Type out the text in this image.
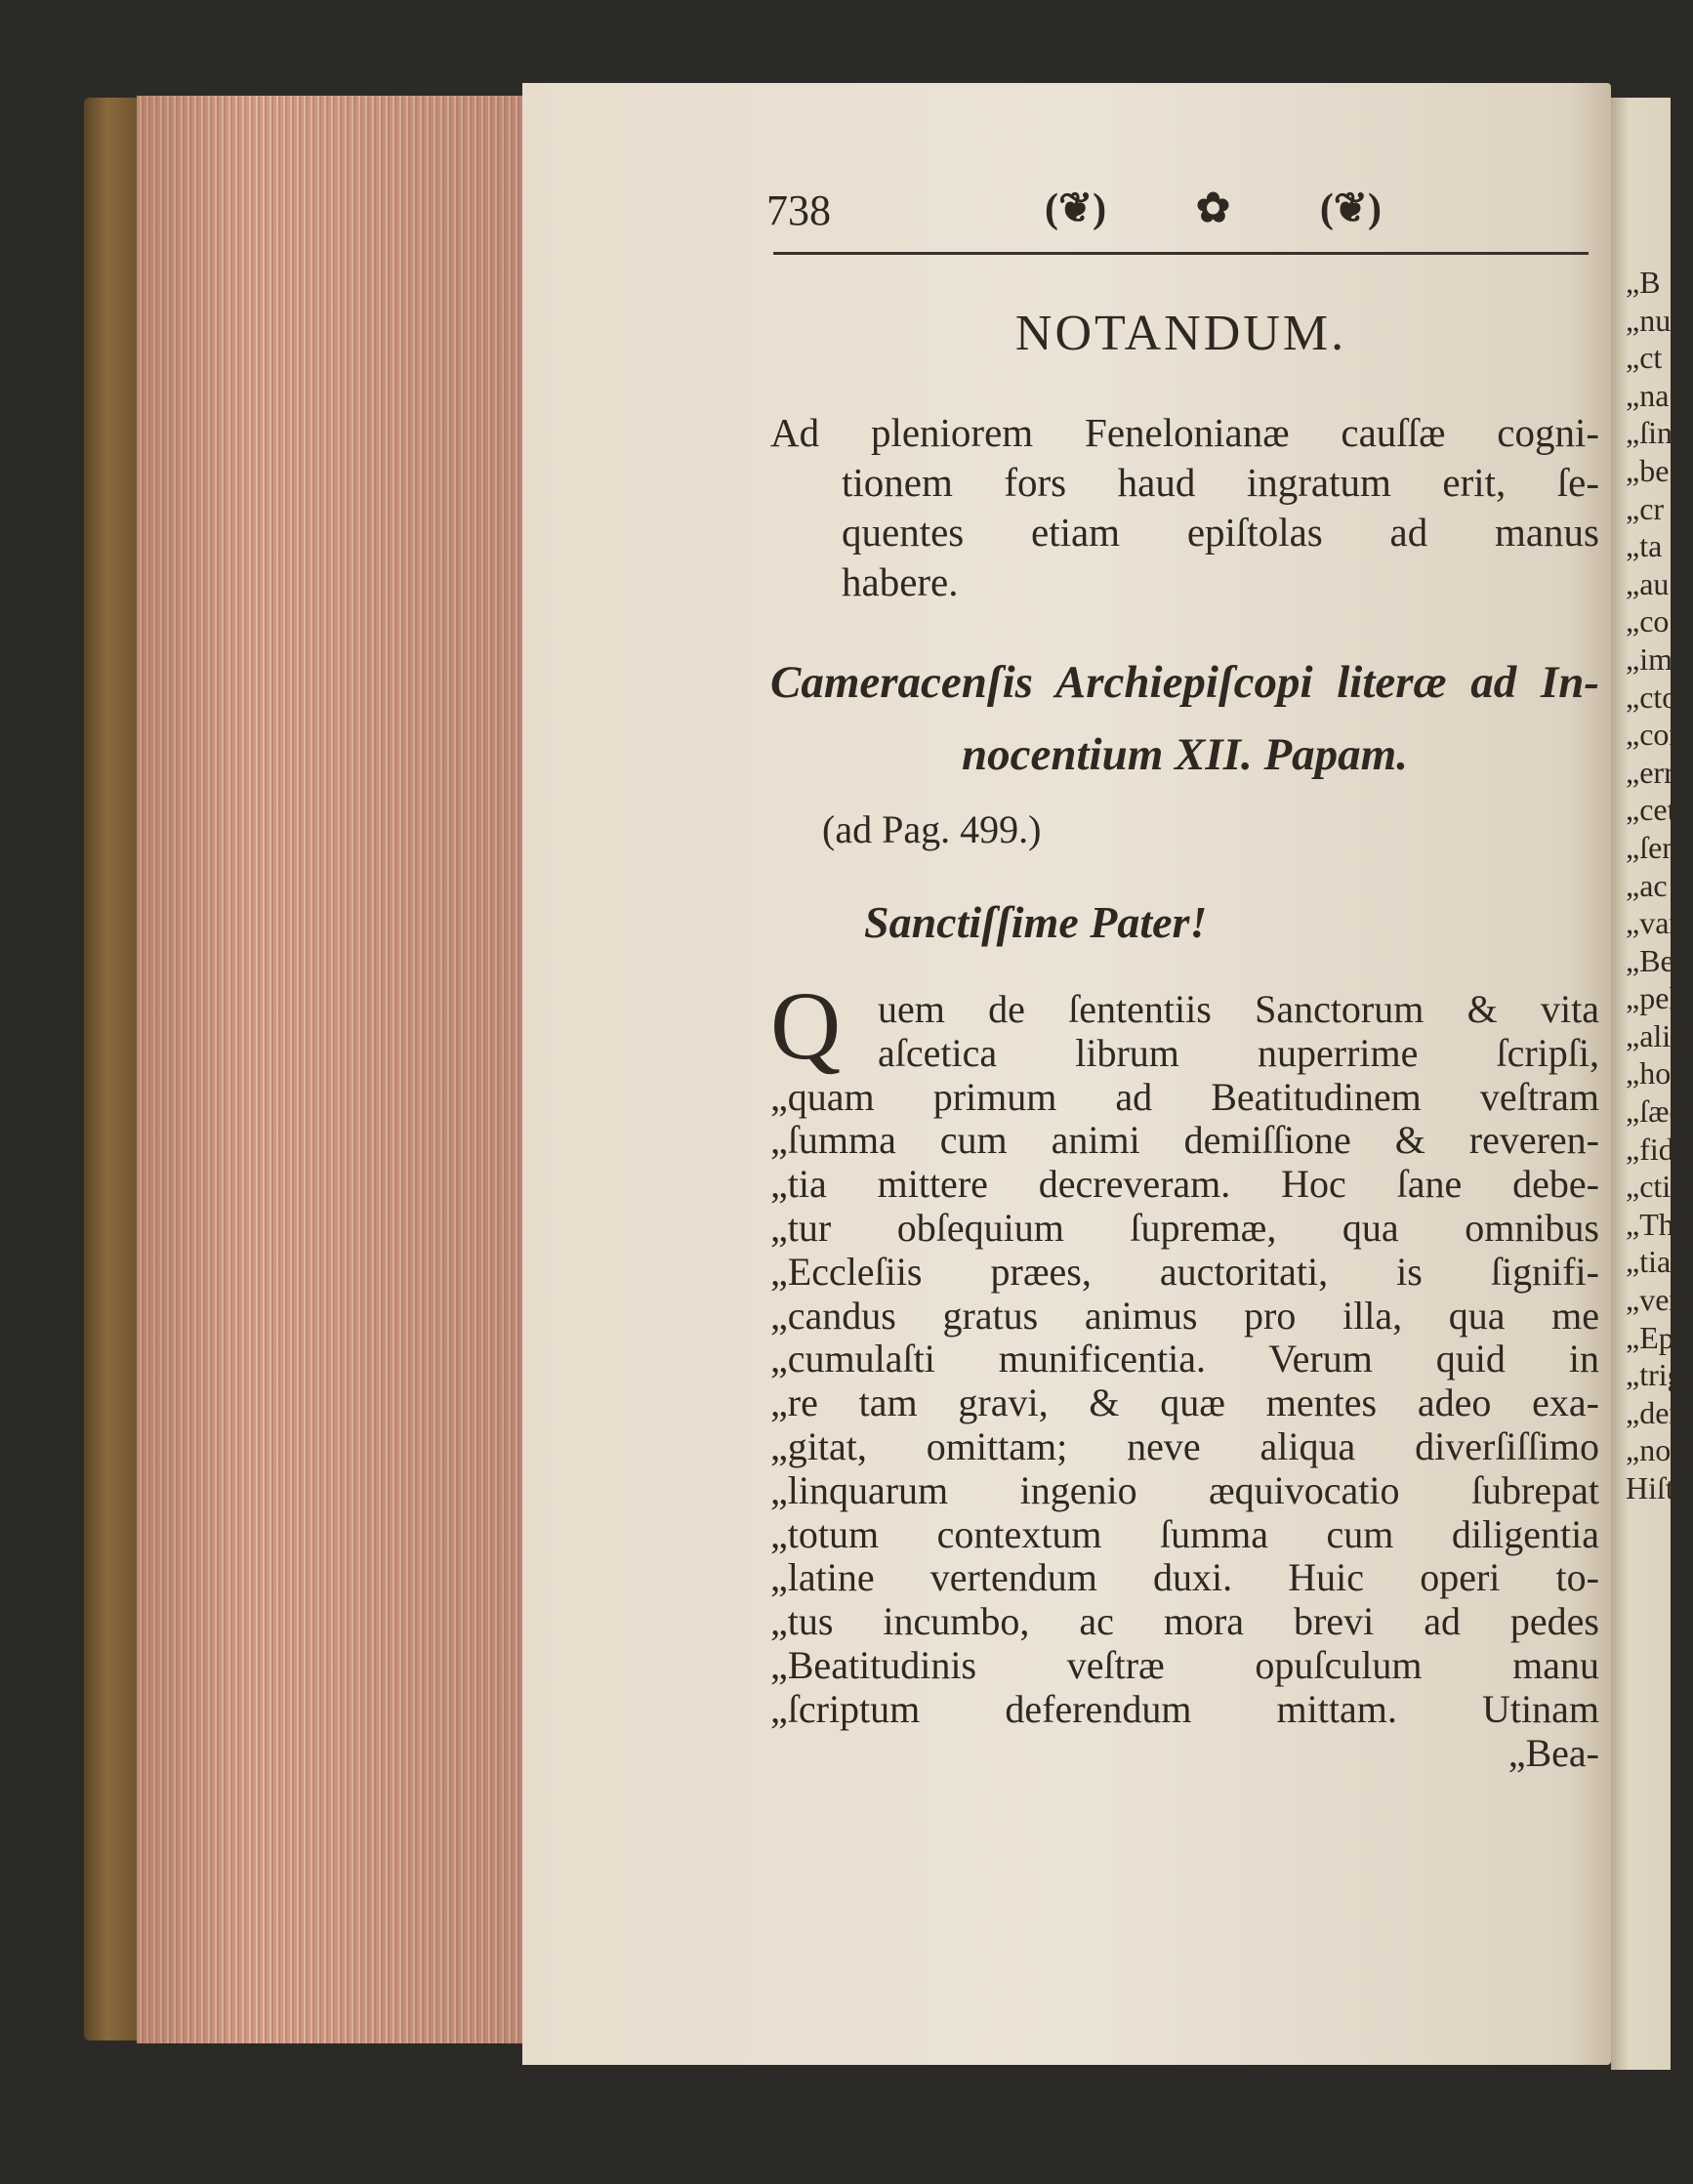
738	(❦) ✿ (❦)
NOTANDUM.
Ad pleniorem Fenelonianæ cauſſæ cogni-
tionem fors haud ingratum erit, ſe-
quentes etiam epiſtolas ad manus
habere.
Cameracenſis Archiepiſcopi literæ ad In-
nocentium XII. Papam.
(ad Pag. 499.)
Sanctiſſime Pater!
Q uem de ſententiis Sanctorum & vita
aſcetica librum nuperrime ſcripſi,
„quam primum ad Beatitudinem veſtram
„ſumma cum animi demiſſione & reveren-
„tia mittere decreveram. Hoc ſane debe-
„tur obſequium ſupremæ, qua omnibus
„Eccleſiis præes, auctoritati, is ſignifi-
„candus gratus animus pro illa, qua me
„cumulaſti munificentia. Verum quid in
„re tam gravi, & quæ mentes adeo exa-
„gitat, omittam; neve aliqua diverſiſſimo
„linquarum ingenio æquivocatio ſubrepat
„totum contextum ſumma cum diligentia
„latine vertendum duxi. Huic operi to-
„tus incumbo, ac mora brevi ad pedes
„Beatitudinis veſtræ opuſculum manu
„ſcriptum deferendum mittam. Utinam
„Bea-
„B
„nu
„ct
„na
„ſin
„be
„cr
„ta
„au
„co
„im
„cto
„cor
„err
„cet
„ſen
„ac
„var
„Be
„pel
„alia
„hor
„ſæc
„fide
„ctiv
„The
„tia,
„vera
„Epi
„trig
„den
„non
Hiſt.
